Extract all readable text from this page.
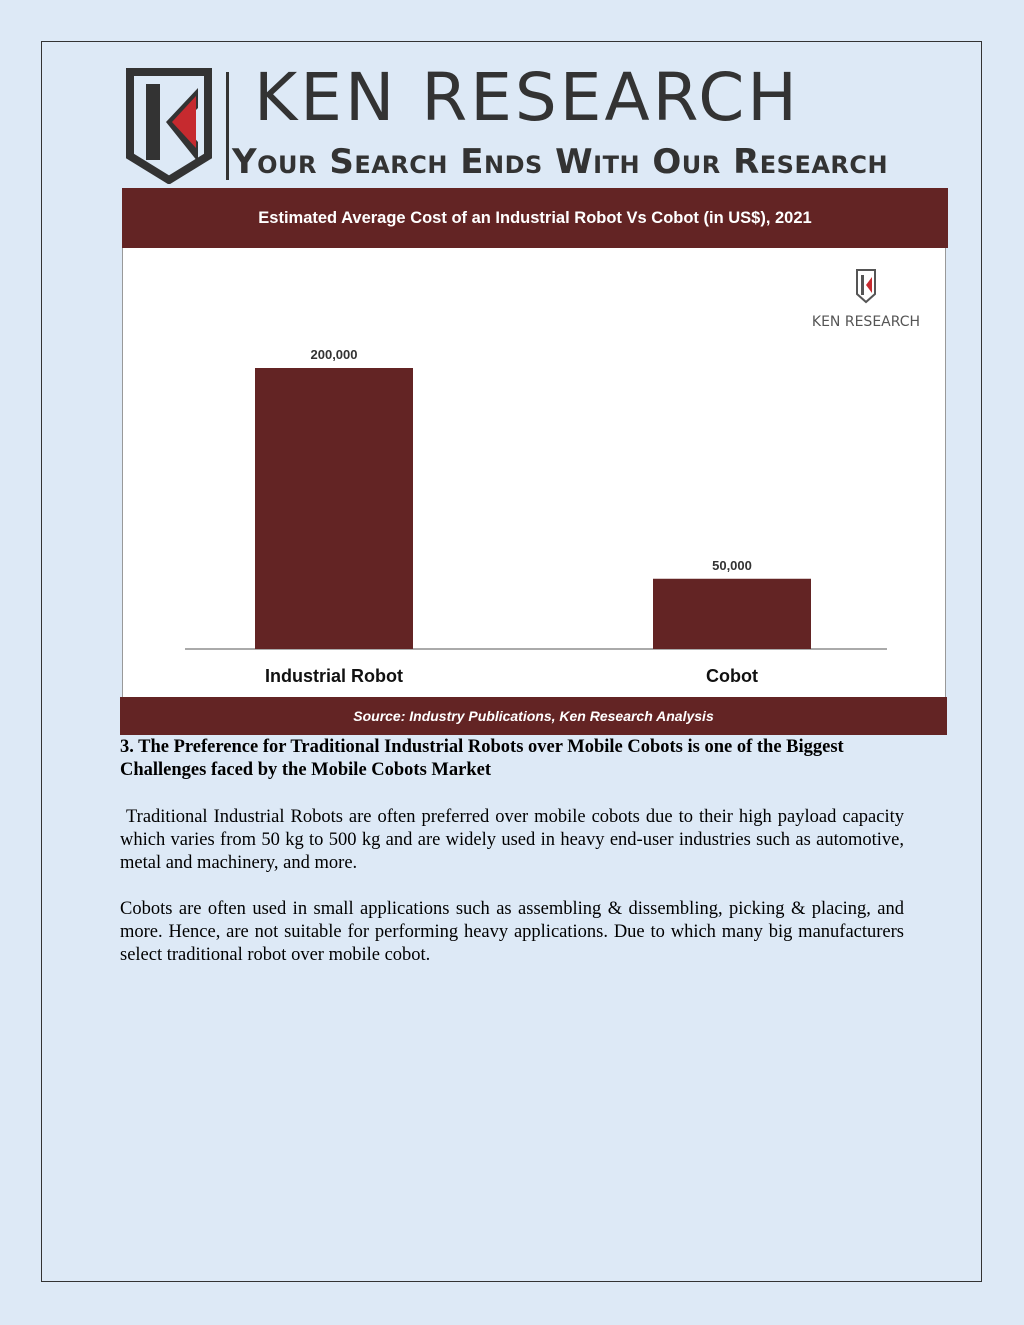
KEN RESEARCH
Your Search Ends With Our Research
Estimated Average Cost of an Industrial Robot Vs Cobot (in US$), 2021
KEN RESEARCH
200,000
Industrial Robot
50,000
Cobot
Source: Industry Publications, Ken Research Analysis
3. The Preference for Traditional Industrial Robots over Mobile Cobots is one of the Biggest Challenges faced by the Mobile Cobots Market
Traditional Industrial Robots are often preferred over mobile cobots due to their high payload capacity which varies from 50 kg to 500 kg and are widely used in heavy end-user industries such as automotive, metal and machinery, and more.
Cobots are often used in small applications such as assembling & dissembling, picking & placing, and more. Hence, are not suitable for performing heavy applications. Due to which many big manufacturers select traditional robot over mobile cobot.
